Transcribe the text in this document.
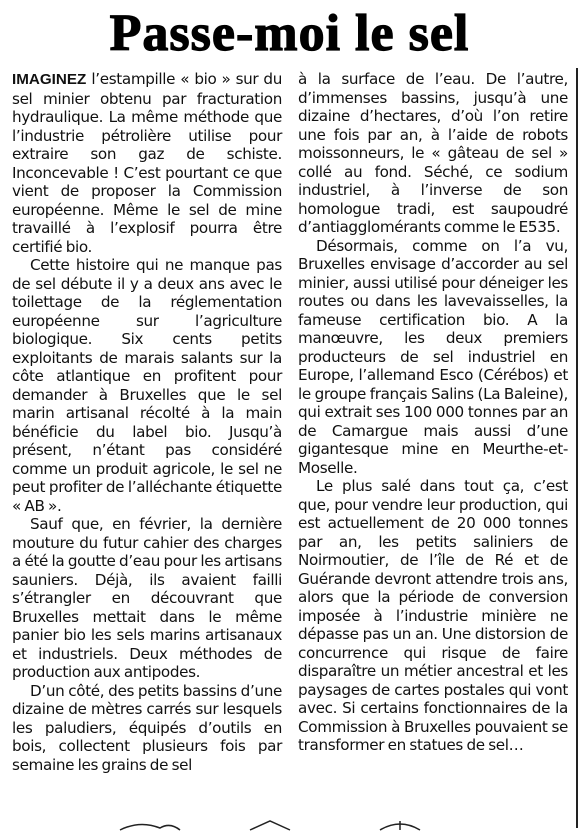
Passe-moi le sel

IMAGINEZ l’estampille « bio » sur du sel minier obtenu par fracturation hydraulique. La même méthode que l’industrie pétrolière utilise pour extraire son gaz de schiste. Inconcevable ! C’est pourtant ce que vient de proposer la Commission européenne. Même le sel de mine travaillé à l’explosif pourra être certifié bio.

Cette histoire qui ne manque pas de sel débute il y a deux ans avec le toilettage de la réglementation européenne sur l’agriculture biologique. Six cents petits exploitants de marais salants sur la côte atlantique en profitent pour demander à Bruxelles que le sel marin artisanal récolté à la main bénéficie du label bio. Jusqu’à présent, n’étant pas considéré comme un produit agricole, le sel ne peut profiter de l’alléchante étiquette « AB ».

Sauf que, en février, la dernière mouture du futur cahier des charges a été la goutte d’eau pour les artisans sauniers. Déjà, ils avaient failli s’étrangler en découvrant que Bruxelles mettait dans le même panier bio les sels marins artisanaux et industriels. Deux méthodes de production aux antipodes.

D’un côté, des petits bassins d’une dizaine de mètres carrés sur lesquels les paludiers, équipés d’outils en bois, collectent plusieurs fois par semaine les grains de sel

à la surface de l’eau. De l’autre, d’immenses bassins, jusqu’à une dizaine d’hectares, d’où l’on retire une fois par an, à l’aide de robots moissonneurs, le « gâteau de sel » collé au fond. Séché, ce sodium industriel, à l’inverse de son homologue tradi, est saupoudré d’antiagglomérants comme le E535.

Désormais, comme on l’a vu, Bruxelles envisage d’accorder au sel minier, aussi utilisé pour déneiger les routes ou dans les lavevaisselles, la fameuse certification bio. A la manœuvre, les deux premiers producteurs de sel industriel en Europe, l’allemand Esco (Cérébos) et le groupe français Salins (La Baleine), qui extrait ses 100 000 tonnes par an de Camargue mais aussi d’une gigantesque mine en Meurthe-et-Moselle.

Le plus salé dans tout ça, c’est que, pour vendre leur production, qui est actuellement de 20 000 tonnes par an, les petits saliniers de Noirmoutier, de l’île de Ré et de Guérande devront attendre trois ans, alors que la période de conversion imposée à l’industrie minière ne dépasse pas un an. Une distorsion de concurrence qui risque de faire disparaître un métier ancestral et les paysages de cartes postales qui vont avec. Si certains fonctionnaires de la Commission à Bruxelles pouvaient se transformer en statues de sel…
